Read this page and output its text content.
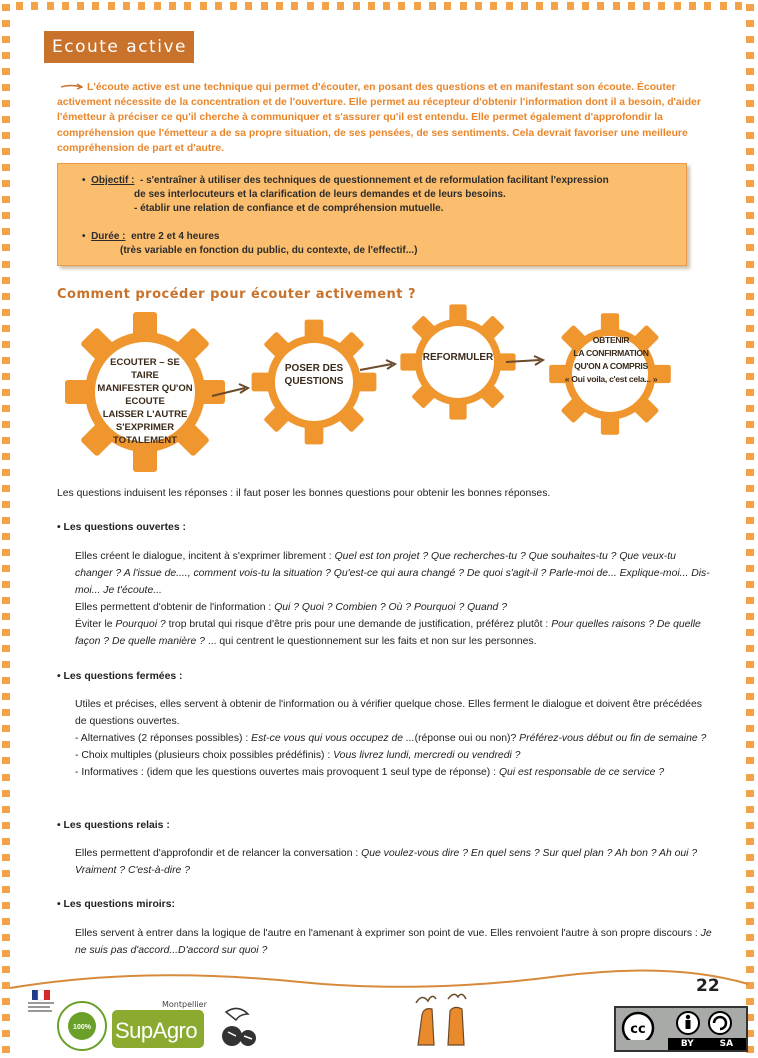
Ecoute active
L'écoute active est une technique qui permet d'écouter, en posant des questions et en manifestant son écoute. Écouter activement nécessite de la concentration et de l'ouverture. Elle permet au récepteur d'obtenir l'information dont il a besoin, d'aider l'émetteur à préciser ce qu'il cherche à communiquer et s'assurer qu'il est entendu. Elle permet également d'approfondir la compréhension que l'émetteur a de sa propre situation, de ses pensées, de ses sentiments. Cela devrait favoriser une meilleure compréhension de part et d'autre.
•  Objectif : - s'entraîner à utiliser des techniques de questionnement et de reformulation facilitant l'expression
de ses interlocuteurs et la clarification de leurs demandes et de leurs besoins.
- établir une relation de confiance et de compréhension mutuelle.
•  Durée : entre 2 et 4 heures
(très variable en fonction du public, du contexte, de l'effectif...)
Comment procéder pour écouter activement ?
ECOUTER – SE TAIRE
MANIFESTER QU'ON
ECOUTE
LAISSER L'AUTRE
S'EXPRIMER
TOTALEMENT
POSER DES
QUESTIONS
REFORMULER
OBTENIR
LA CONFIRMATION
QU'ON A COMPRIS
« Oui voila, c'est cela... »
Les questions induisent les réponses : il faut poser les bonnes questions pour obtenir les bonnes réponses.
• Les questions ouvertes :
Elles créent le dialogue, incitent à s'exprimer librement : Quel est ton projet ? Que recherches-tu ? Que souhaites-tu ? Que veux-tu changer ? A l'issue de...., comment vois-tu la situation ? Qu'est-ce qui aura changé ? De quoi s'agit-il ? Parle-moi de... Explique-moi... Dis-moi... Je t'écoute...
Elles permettent d'obtenir de l'information : Qui ? Quoi ? Combien ? Où ? Pourquoi ? Quand ?
Éviter le Pourquoi ? trop brutal qui risque d'être pris pour une demande de justification, préférez plutôt : Pour quelles raisons ? De quelle façon ? De quelle manière ? ... qui centrent le questionnement sur les faits et non sur les personnes.
• Les questions fermées :
Utiles et précises, elles servent à obtenir de l'information ou à vérifier quelque chose. Elles ferment le dialogue et doivent être précédées de questions ouvertes.
- Alternatives (2 réponses possibles) : Est-ce vous qui vous occupez de ...(réponse oui ou non)? Préférez-vous début ou fin de semaine ?
- Choix multiples (plusieurs choix possibles prédéfinis) : Vous livrez lundi, mercredi ou vendredi ?
- Informatives : (idem que les questions ouvertes mais provoquent 1 seul type de réponse) : Qui est responsable de ce service ?
• Les questions relais :
Elles permettent d'approfondir et de relancer la conversation : Que voulez-vous dire ? En quel sens ? Sur quel plan ? Ah bon ? Ah oui ? Vraiment ? C'est-à-dire ?
• Les questions miroirs:
Elles servent à entrer dans la logique de l'autre en l'amenant à exprimer son point de vue. Elles renvoient l'autre à son propre discours : Je ne suis pas d'accord...D'accord sur quoi ?
22
100%
Montpellier
SupAgro	cc
BY	SA
